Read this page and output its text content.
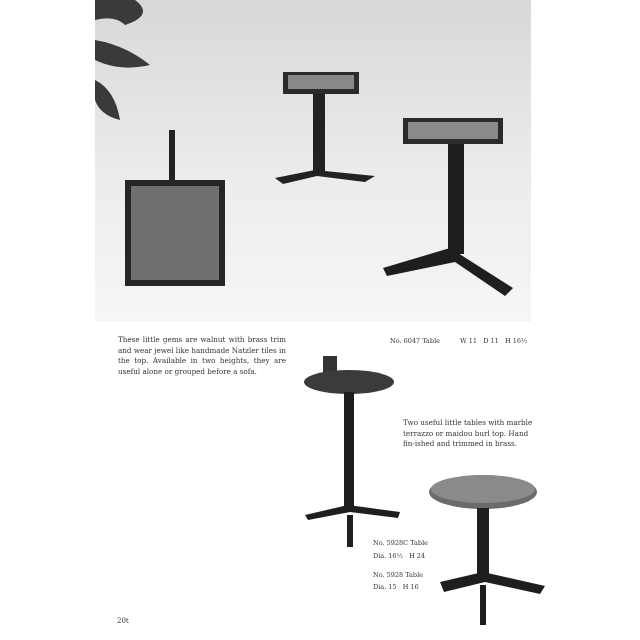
These little gems are walnut with brass trim and wear jewel like handmade Natzler tiles in the top. Available in two heights, they are useful alone or grouped before a sofa.
No. 6047 Table	W 11   D 11   H 16½
Two useful little tables with marble terrazzo or maidou burl top. Hand fin-ished and trimmed in brass.
No. 5928C Table
Dia. 16½   H 24
No. 5928 Table
Dia. 15   H 16
20t
